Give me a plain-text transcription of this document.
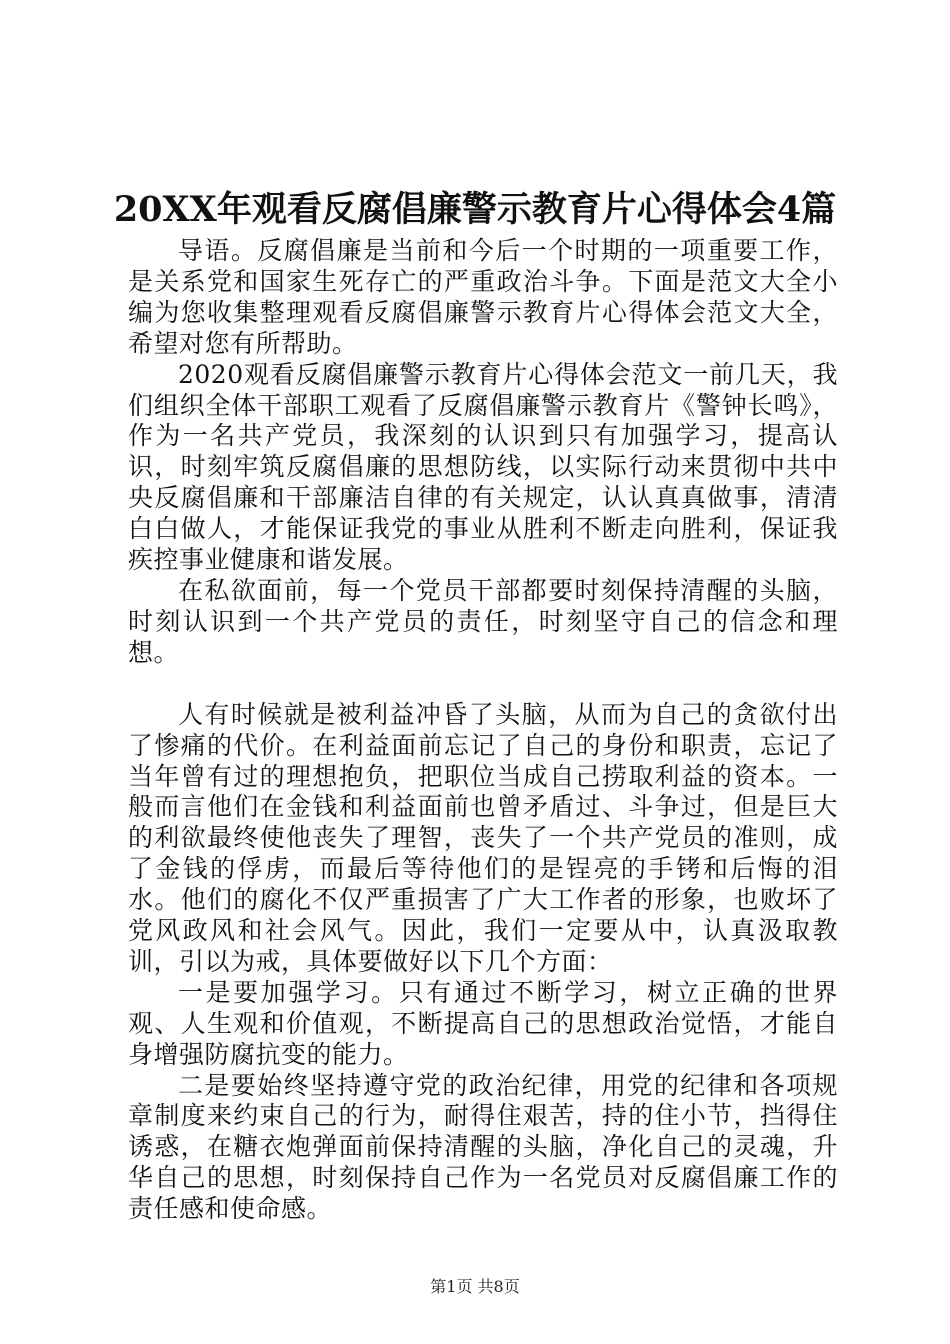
20XX年观看反腐倡廉警示教育片心得体会4篇

导语。反腐倡廉是当前和今后一个时期的一项重要工作，是关系党和国家生死存亡的严重政治斗争。下面是范文大全小编为您收集整理观看反腐倡廉警示教育片心得体会范文大全，希望对您有所帮助。

2020观看反腐倡廉警示教育片心得体会范文一前几天，我们组织全体干部职工观看了反腐倡廉警示教育片《警钟长鸣》，作为一名共产党员，我深刻的认识到只有加强学习，提高认识，时刻牢筑反腐倡廉的思想防线，以实际行动来贯彻中共中央反腐倡廉和干部廉洁自律的有关规定，认认真真做事，清清白白做人，才能保证我党的事业从胜利不断走向胜利，保证我疾控事业健康和谐发展。

在私欲面前，每一个党员干部都要时刻保持清醒的头脑，时刻认识到一个共产党员的责任，时刻坚守自己的信念和理想。

人有时候就是被利益冲昏了头脑，从而为自己的贪欲付出了惨痛的代价。在利益面前忘记了自己的身份和职责，忘记了当年曾有过的理想抱负，把职位当成自己捞取利益的资本。一般而言他们在金钱和利益面前也曾矛盾过、斗争过，但是巨大的利欲最终使他丧失了理智，丧失了一个共产党员的准则，成了金钱的俘虏，而最后等待他们的是锃亮的手铐和后悔的泪水。他们的腐化不仅严重损害了广大工作者的形象，也败坏了党风政风和社会风气。因此，我们一定要从中，认真汲取教训，引以为戒，具体要做好以下几个方面：

一是要加强学习。只有通过不断学习，树立正确的世界观、人生观和价值观，不断提高自己的思想政治觉悟，才能自身增强防腐抗变的能力。

二是要始终坚持遵守党的政治纪律，用党的纪律和各项规章制度来约束自己的行为，耐得住艰苦，持的住小节，挡得住诱惑，在糖衣炮弹面前保持清醒的头脑，净化自己的灵魂，升华自己的思想，时刻保持自己作为一名党员对反腐倡廉工作的责任感和使命感。

第1页 共8页
